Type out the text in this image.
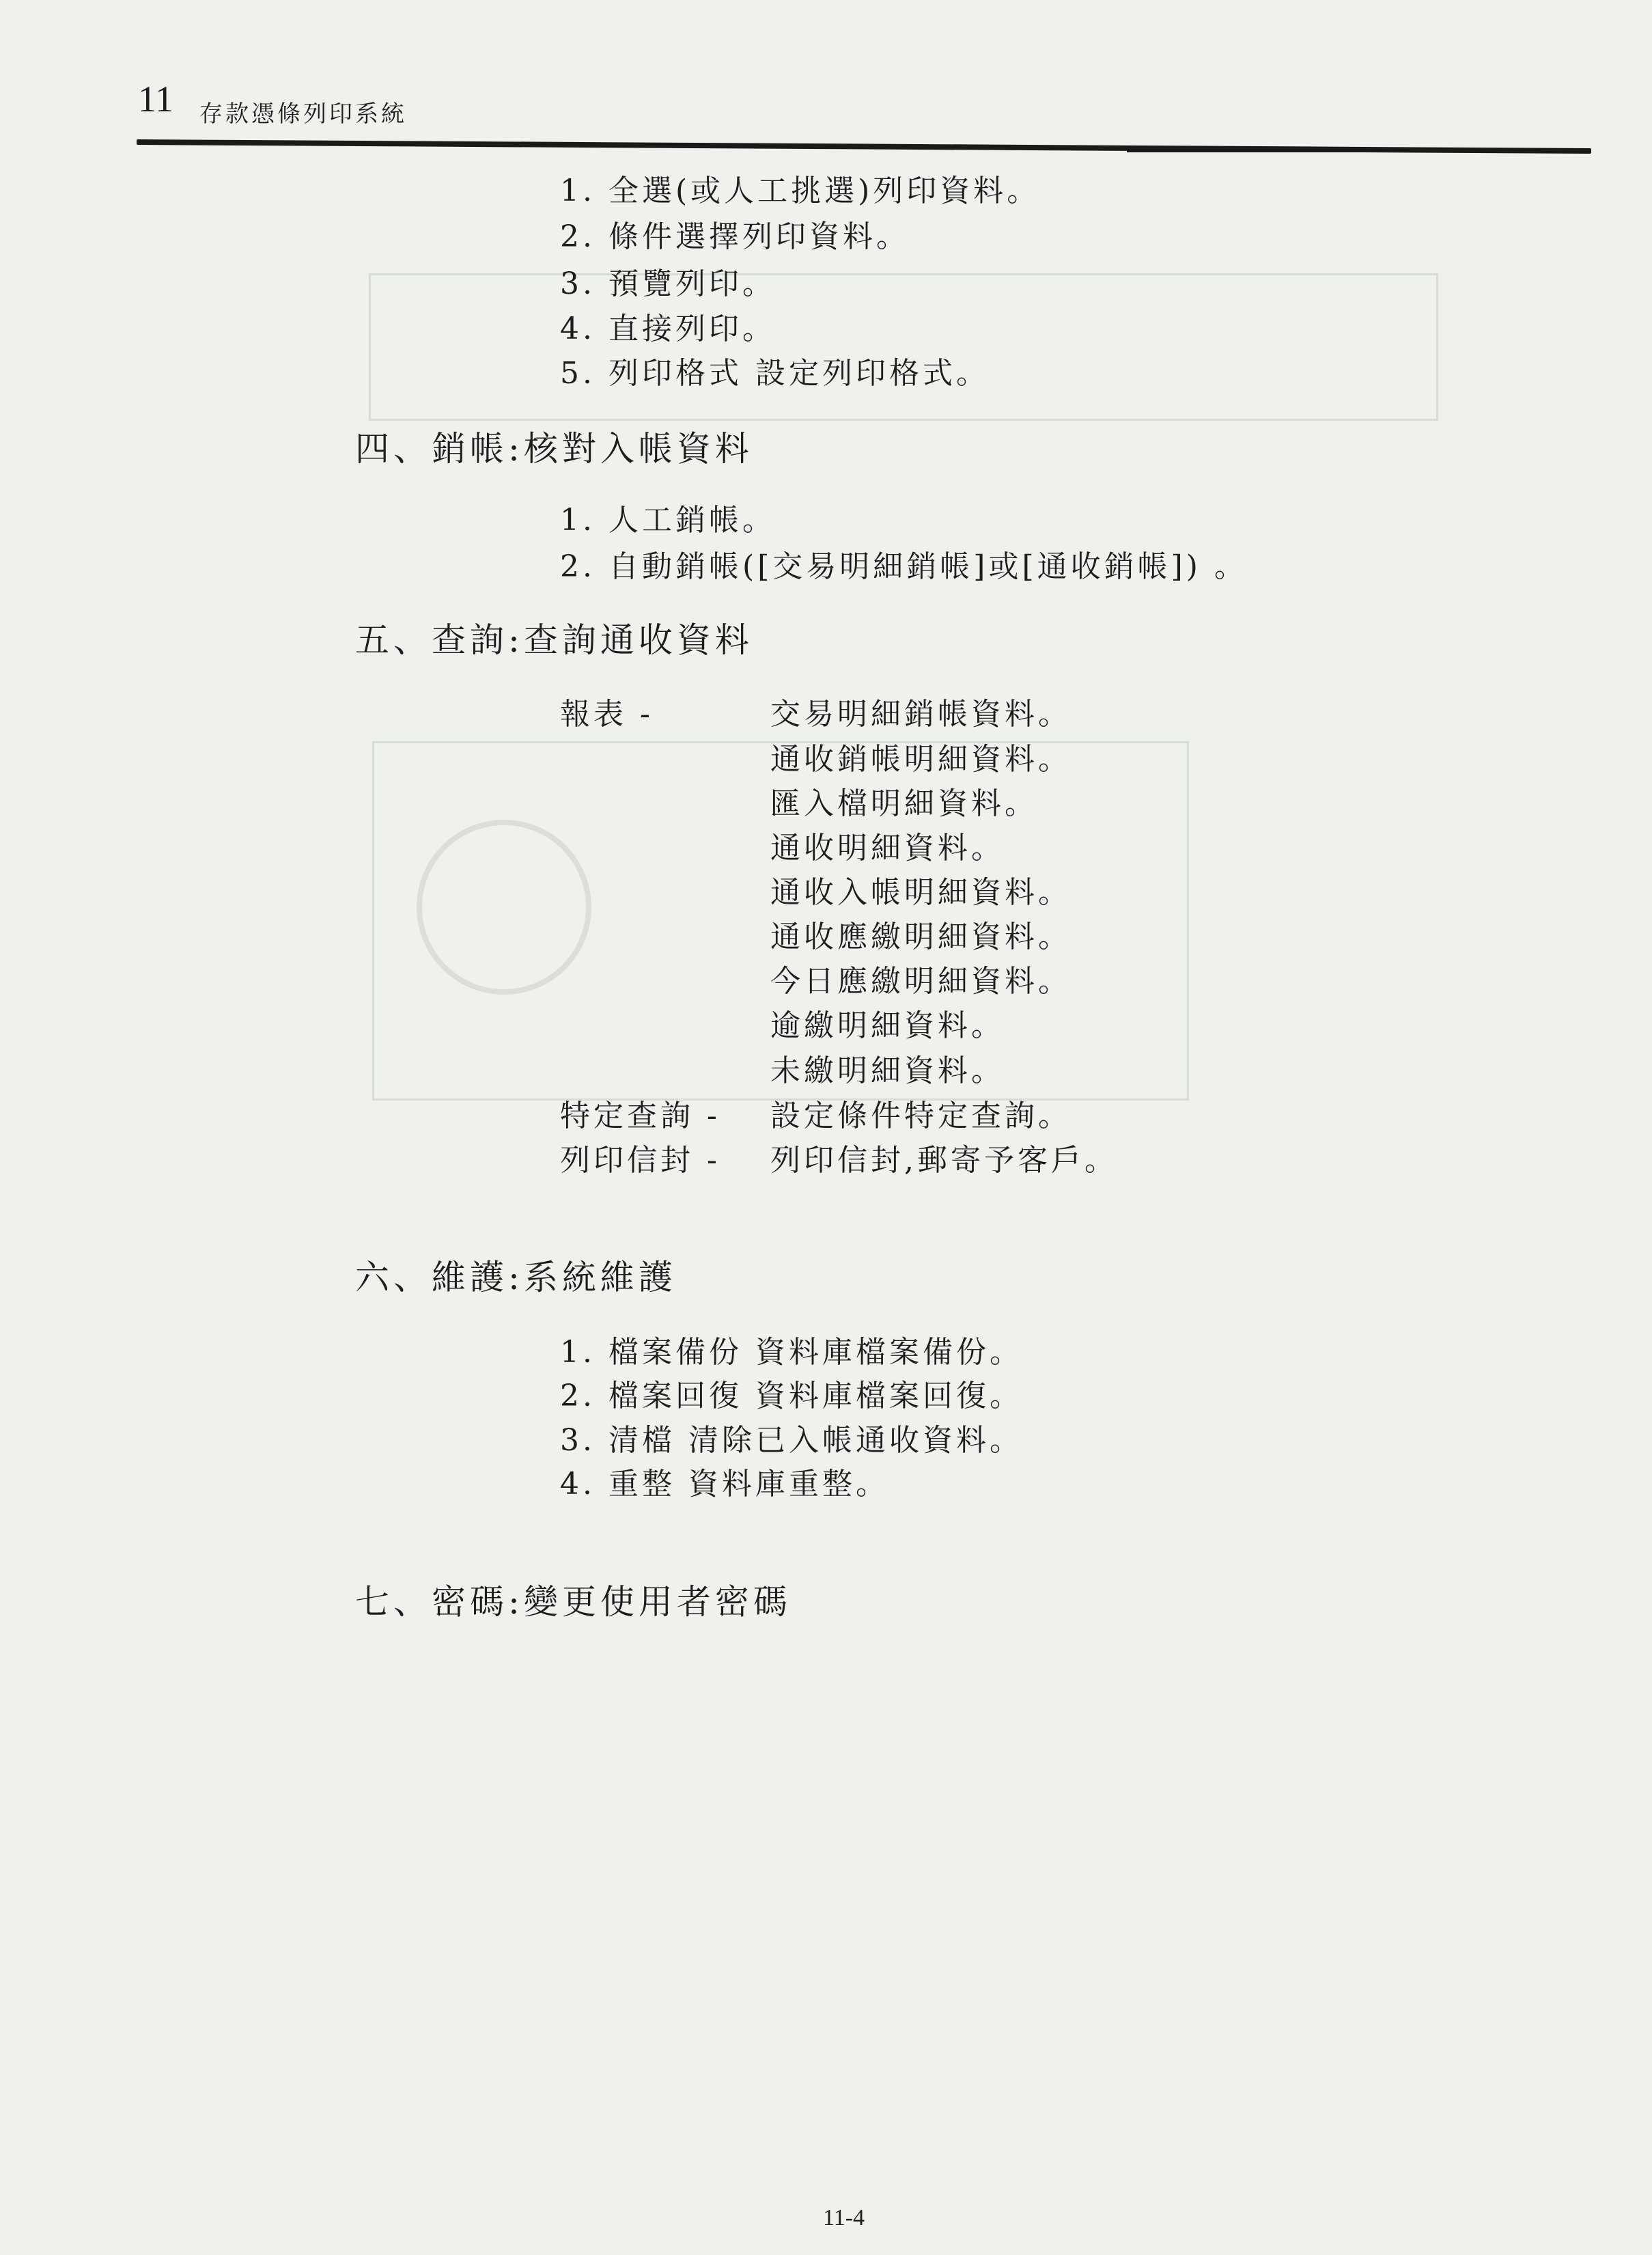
11 存款憑條列印系統
1. 全選(或人工挑選)列印資料。
2. 條件選擇列印資料。
3. 預覽列印。
4. 直接列印。
5. 列印格式 設定列印格式。
四、銷帳:核對入帳資料
1. 人工銷帳。
2. 自動銷帳([交易明細銷帳]或[通收銷帳]) 。
五、查詢:查詢通收資料
報表 -	交易明細銷帳資料。
通收銷帳明細資料。
匯入檔明細資料。
通收明細資料。
通收入帳明細資料。
通收應繳明細資料。
今日應繳明細資料。
逾繳明細資料。
未繳明細資料。
特定查詢 - 設定條件特定查詢。
列印信封 - 列印信封,郵寄予客戶。
六、維護:系統維護
1. 檔案備份 資料庫檔案備份。
2. 檔案回復 資料庫檔案回復。
3. 清檔 清除已入帳通收資料。
4. 重整 資料庫重整。
七、密碼:變更使用者密碼
11-4
